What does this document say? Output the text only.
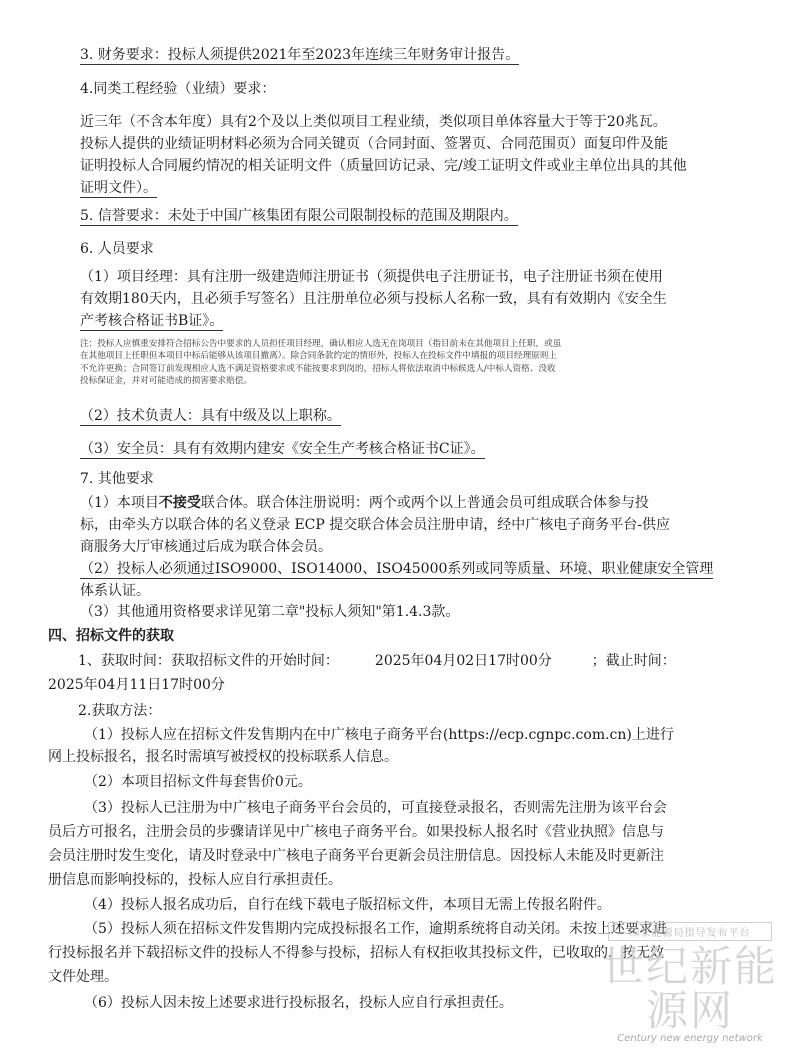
3. 财务要求：投标人须提供2021年至2023年连续三年财务审计报告。
4.同类工程经验（业绩）要求：
近三年（不含本年度）具有2个及以上类似项目工程业绩，类似项目单体容量大于等于20兆瓦。
投标人提供的业绩证明材料必须为合同关键页（合同封面、签署页、合同范围页）面复印件及能
证明投标人合同履约情况的相关证明文件（质量回访记录、完/竣工证明文件或业主单位出具的其他
证明文件）。
5. 信誉要求：未处于中国广核集团有限公司限制投标的范围及期限内。
6. 人员要求
（1）项目经理：具有注册一级建造师注册证书（须提供电子注册证书，电子注册证书须在使用
有效期180天内，且必须手写签名）且注册单位必须与投标人名称一致，具有有效期内《安全生
产考核合格证书B证》。
注：投标人应慎重安排符合招标公告中要求的人员担任项目经理，确认相应人选无在岗项目（指目前未在其他项目上任职，或虽
在其他项目上任职但本项目中标后能够从该项目撤离）。除合同条款约定的情形外，投标人在投标文件中填报的项目经理原则上
不允许更换；合同签订前发现相应人选不满足资格要求或不能按要求到岗的，招标人将依法取消中标候选人/中标人资格、没收
投标保证金，并对可能造成的损害要求赔偿。
（2）技术负责人：具有中级及以上职称。
（3）安全员：具有有效期内建安《安全生产考核合格证书C证》。
7. 其他要求
（1）本项目不接受联合体。联合体注册说明：两个或两个以上普通会员可组成联合体参与投
标，由牵头方以联合体的名义登录 ECP 提交联合体会员注册申请，经中广核电子商务平台-供应
商服务大厅审核通过后成为联合体会员。
（2）投标人必须通过ISO9000、ISO14000、ISO45000系列或同等质量、环境、职业健康安全管理
体系认证。
（3）其他通用资格要求详见第二章"投标人须知"第1.4.3款。
四、招标文件的获取
1、获取时间：获取招标文件的开始时间：	2025年04月02日17时00分	；截止时间：
2025年04月11日17时00分
2.获取方法：
（1）投标人应在招标文件发售期内在中广核电子商务平台(https://ecp.cgnpc.com.cn)上进行
网上投标报名，报名时需填写被授权的投标联系人信息。
（2）本项目招标文件每套售价0元。
（3）投标人已注册为中广核电子商务平台会员的，可直接登录报名，否则需先注册为该平台会
员后方可报名，注册会员的步骤请详见中广核电子商务平台。如果投标人报名时《营业执照》信息与
会员注册时发生变化，请及时登录中广核电子商务平台更新会员注册信息。因投标人未能及时更新注
册信息而影响投标的，投标人应自行承担责任。
（4）投标人报名成功后，自行在线下载电子版招标文件，本项目无需上传报名附件。
（5）投标人须在招标文件发售期内完成投标报名工作，逾期系统将自动关闭。未按上述要求进
行投标报名并下载招标文件的投标人不得参与投标，招标人有权拒收其投标文件，已收取的，按无效
文件处理。
（6）投标人因未按上述要求进行投标报名，投标人应自行承担责任。
国家能源局指导发布平台
世纪新能源网
Century new energy network
